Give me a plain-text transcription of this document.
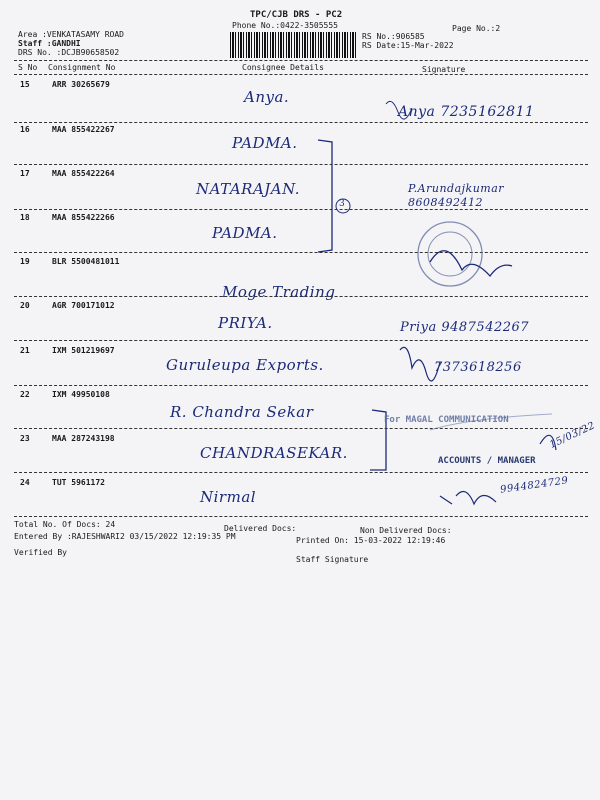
TPC/CJB DRS - PC2
Phone No.:0422-3505555	Page No.:2
Area :VENKATASAMY ROAD
Staff :GANDHI
DRS No. :DCJB90658502
RS No.:906585
RS Date:15-Mar-2022
S No Consignment No	Consignee Details	Signature
15	ARR 30265679
Anya.
Anya 7235162811
16	MAA 855422267
PADMA.
17	MAA 855422264
NATARAJAN.	P.Arundajkumar 8608492412
18	MAA 855422266
PADMA.
19	BLR 5500481011
Moge Trading
20	AGR 700171012
PRIYA.	Priya 9487542267
21	IXM 501219697
Guruleupa Exports.	7373618256
22	IXM 49950108
R. Chandra Sekar
23	MAA 287243198
CHANDRASEKAR.
24	TUT 5961172
Nirmal
9944824729
3
For MAGAL COMMUNICATION
ACCOUNTS / MANAGER
15/03/22
Total No. Of Docs: 24	Delivered Docs:	Non Delivered Docs:
Entered By :RAJESHWARI2 03/15/2022 12:19:35 PM	Printed On: 15-03-2022 12:19:46
Verified By
Staff Signature
